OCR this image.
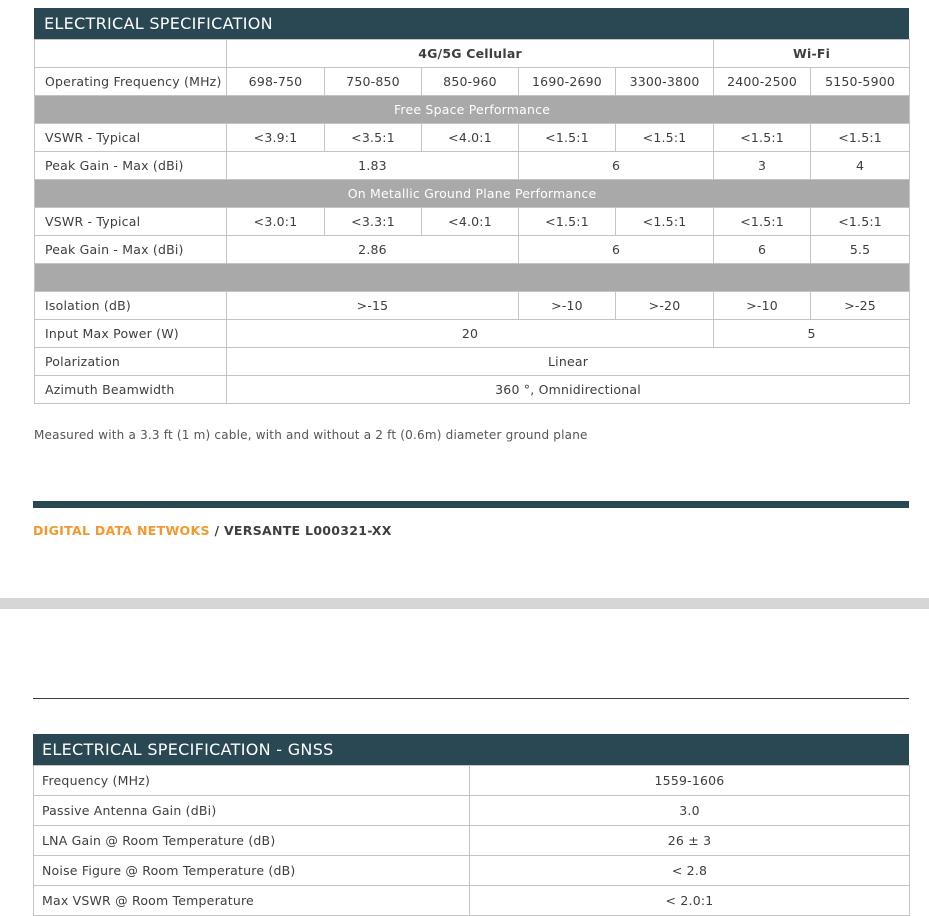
ELECTRICAL SPECIFICATION
	4G/5G Cellular					Wi-Fi	
Operating Frequency (MHz)	698-750	750-850	850-960	1690-2690	3300-3800	2400-2500	5150-5900
Free Space Performance							
VSWR - Typical	<3.9:1	<3.5:1	<4.0:1	<1.5:1	<1.5:1	<1.5:1	<1.5:1
Peak Gain - Max (dBi)	1.83			6		3	4
On Metallic Ground Plane Performance							
VSWR - Typical	<3.0:1	<3.3:1	<4.0:1	<1.5:1	<1.5:1	<1.5:1	<1.5:1
Peak Gain - Max (dBi)	2.86			6		6	5.5

Isolation (dB)	>-15			>-10	>-20	>-10	>-25
Input Max Power (W)	20					5	
Polarization	Linear						
Azimuth Beamwidth	360 °, Omnidirectional						
Measured with a 3.3 ft (1 m) cable, with and without a 2 ft (0.6m) diameter ground plane
DIGITAL DATA NETWOKS / VERSANTE L000321-XX
ELECTRICAL SPECIFICATION - GNSS
Frequency (MHz)	1559-1606
Passive Antenna Gain (dBi)	3.0
LNA Gain @ Room Temperature (dB)	26 ± 3
Noise Figure @ Room Temperature (dB)	< 2.8
Max VSWR @ Room Temperature	< 2.0:1
